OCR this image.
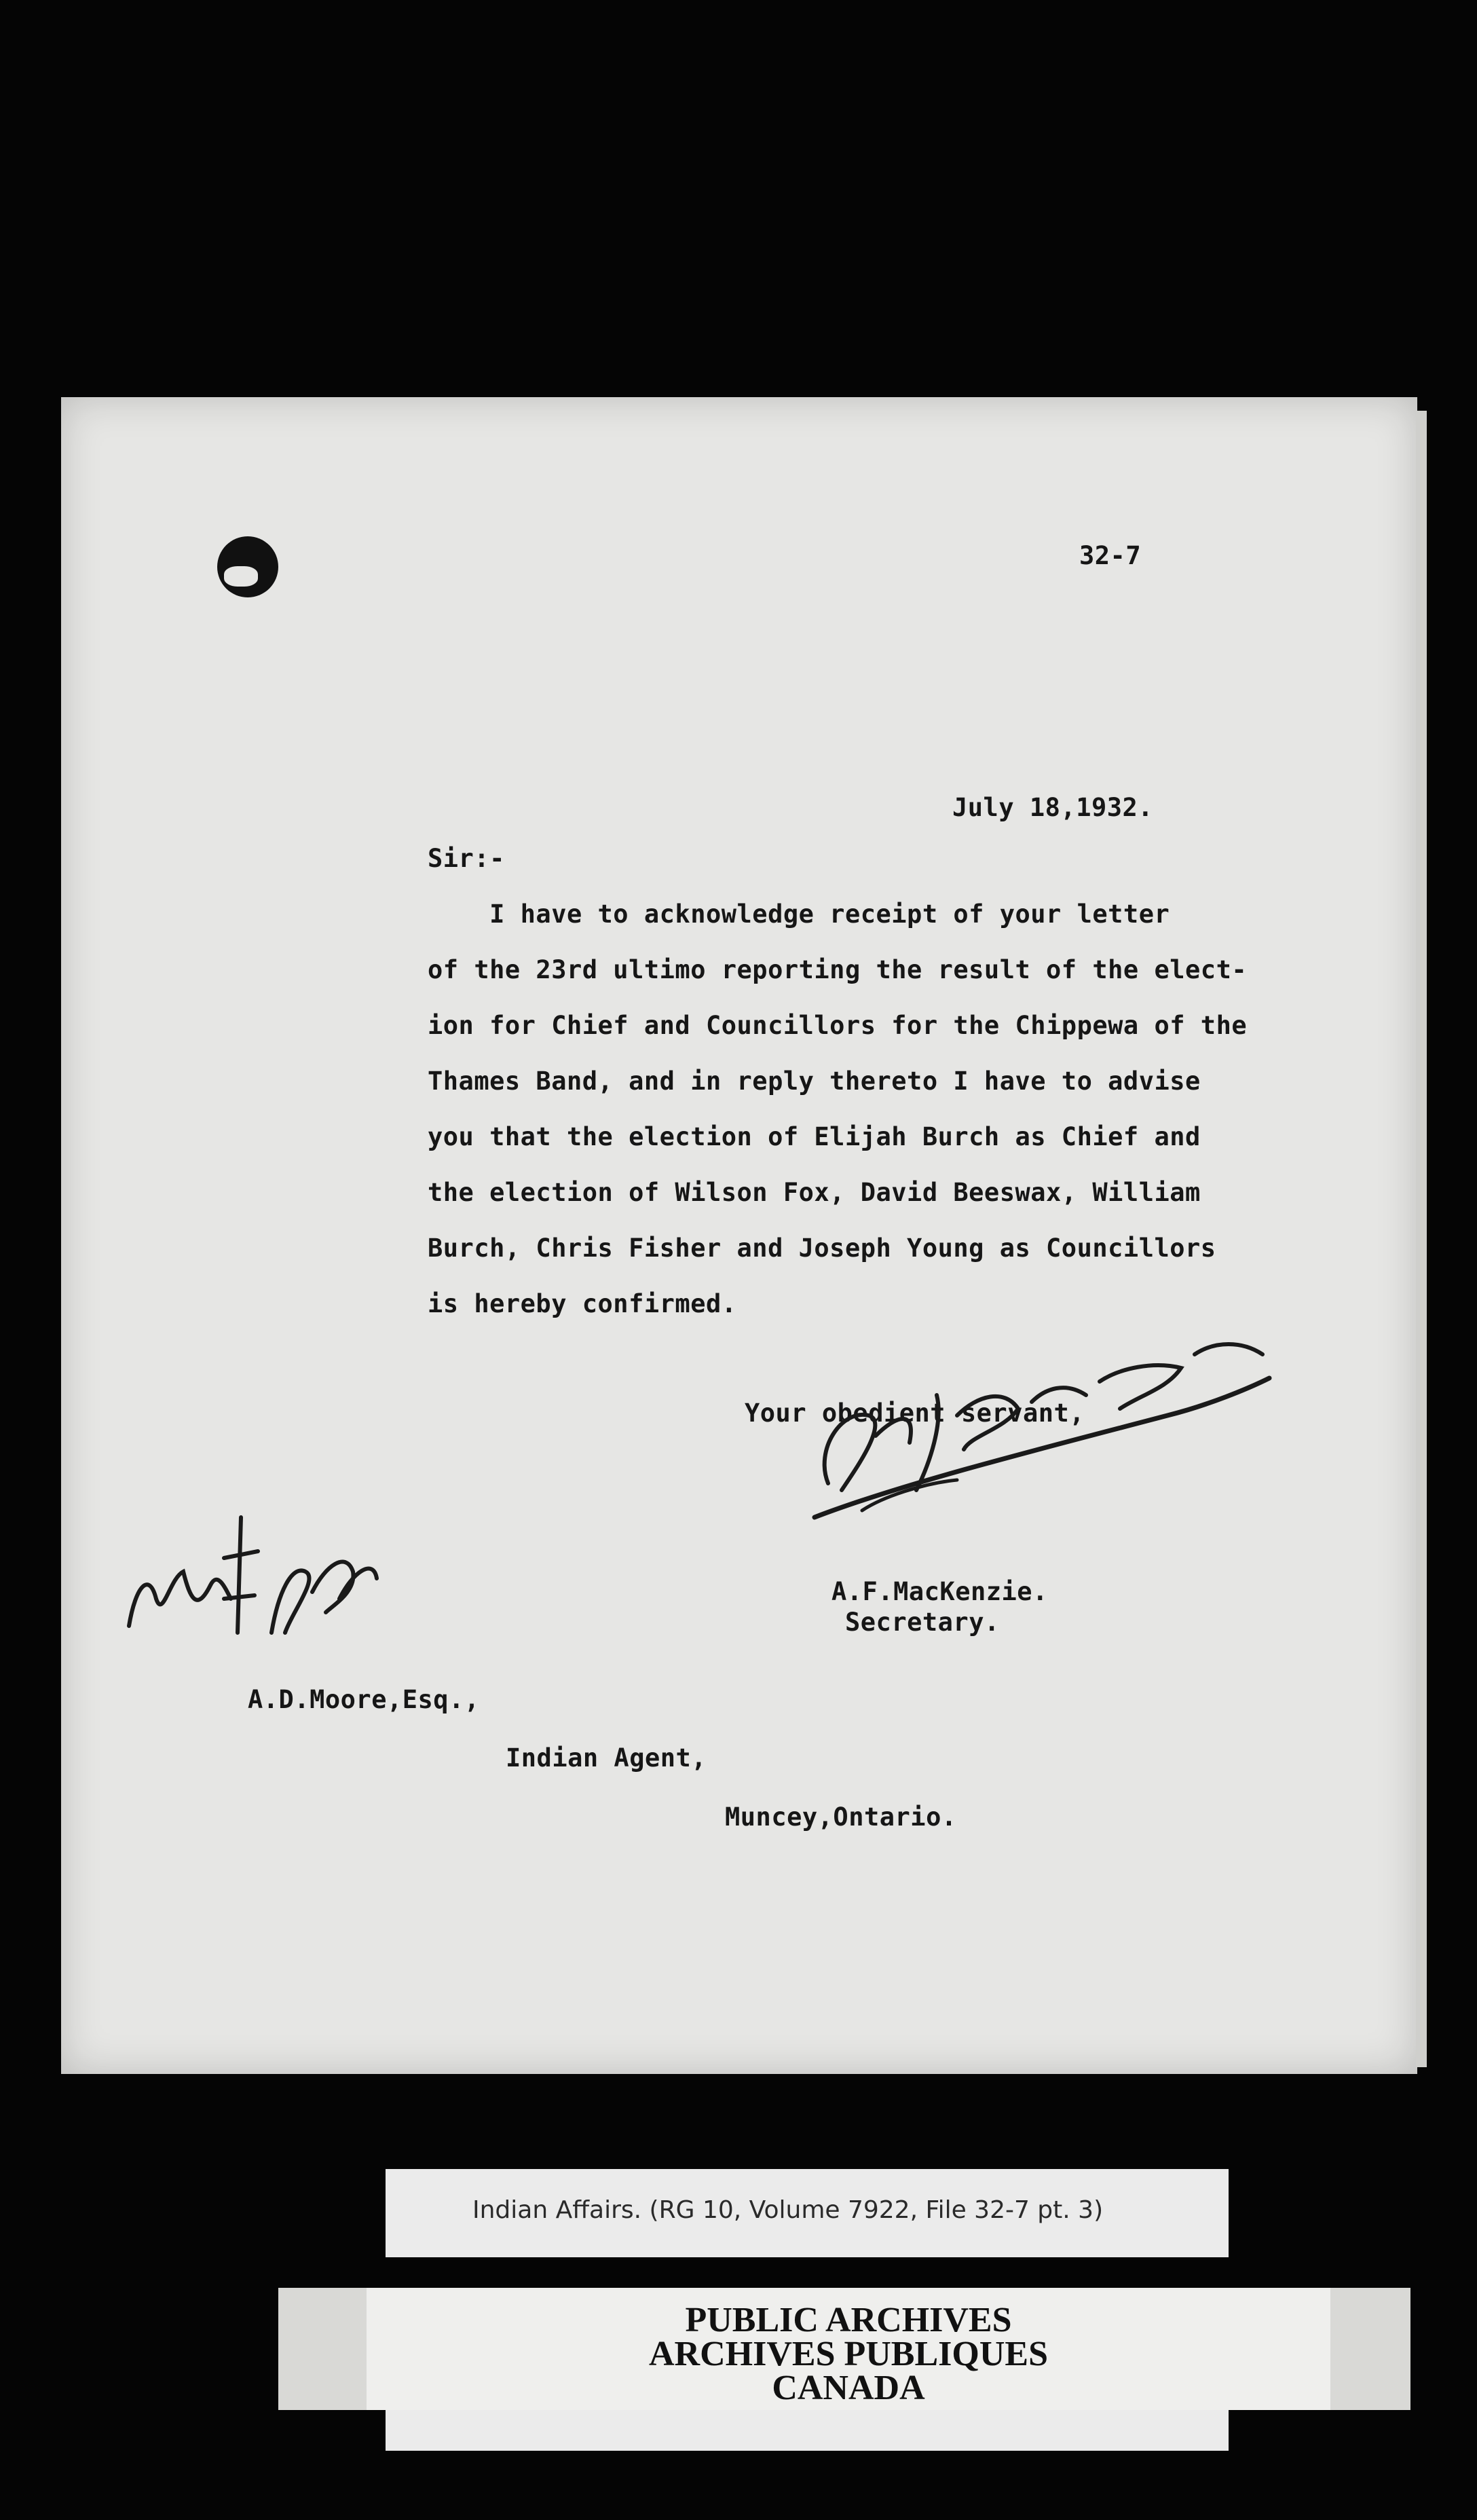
32-7
July 18,1932.
Sir:-
I have to acknowledge receipt of your letter
of the 23rd ultimo reporting the result of the elect-
ion for Chief and Councillors for the Chippewa of the
Thames Band, and in reply thereto I have to advise
you that the election of Elijah Burch as Chief and
the election of Wilson Fox, David Beeswax, William
Burch, Chris Fisher and Joseph Young as Councillors
is hereby confirmed.
Your obedient servant,
A.F.MacKenzie.
Secretary.
A.D.Moore,Esq.,
Indian Agent,
Muncey,Ontario.
Indian Affairs. (RG 10, Volume 7922, File 32-7 pt. 3)
PUBLIC ARCHIVES
ARCHIVES PUBLIQUES
CANADA
